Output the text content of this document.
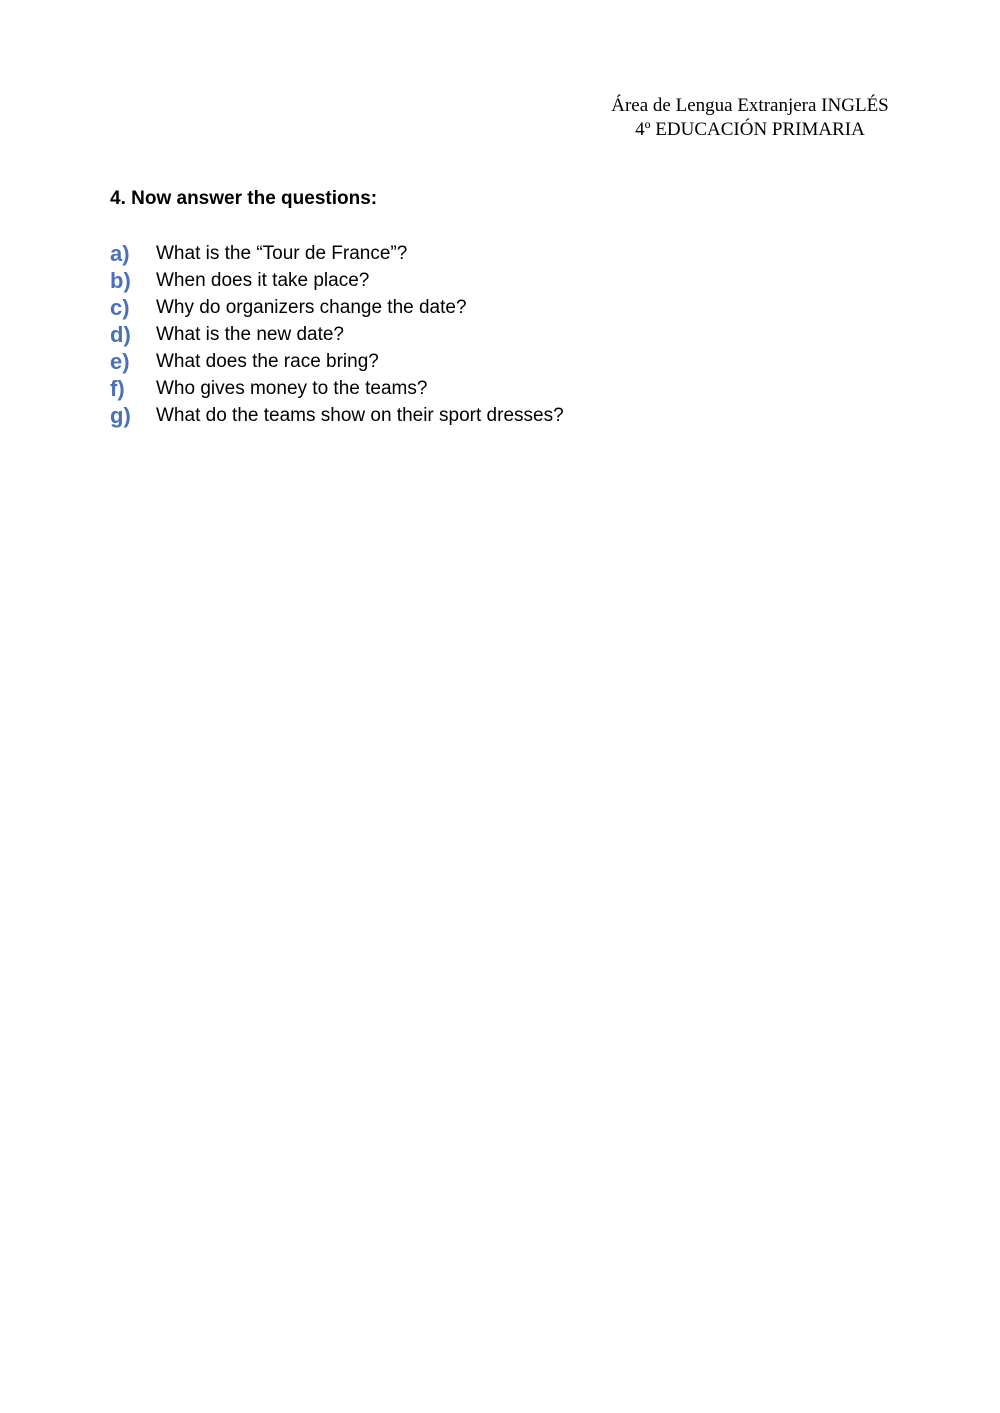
Área de Lengua Extranjera INGLÉS
4º EDUCACIÓN PRIMARIA
4. Now answer the questions:
a)	What is the “Tour de France”?
b)	When does it take place?
c)	Why do organizers change the date?
d)	What is the new date?
e)	What does the race bring?
f)	Who gives money to the teams?
g)	What do the teams show on their sport dresses?
